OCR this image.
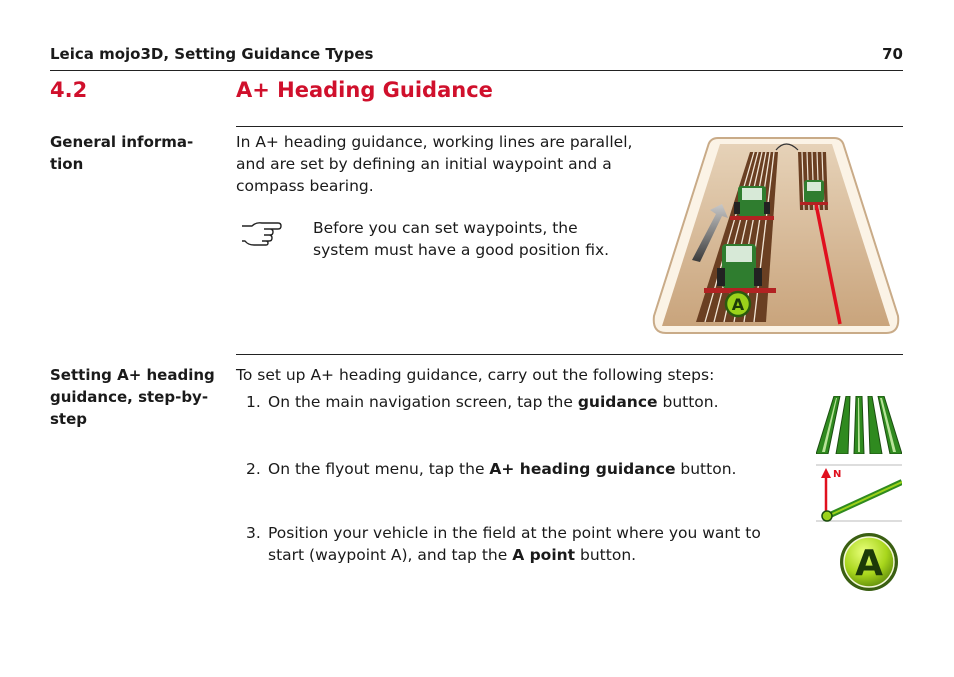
Leica mojo3D, Setting Guidance Types	70
4.2	A+ Heading Guidance
General informa-
tion
In A+ heading guidance, working lines are parallel,
and are set by defining an initial waypoint and a
compass bearing.
Before you can set waypoints, the
system must have a good position fix.
A
Setting A+ heading
guidance, step-by-
step
To set up A+ heading guidance, carry out the following steps:
1. On the main navigation screen, tap the guidance button.
2. On the flyout menu, tap the A+ heading guidance button.
3. Position your vehicle in the field at the point where you want to
start (waypoint A), and tap the A point button.
N
A
